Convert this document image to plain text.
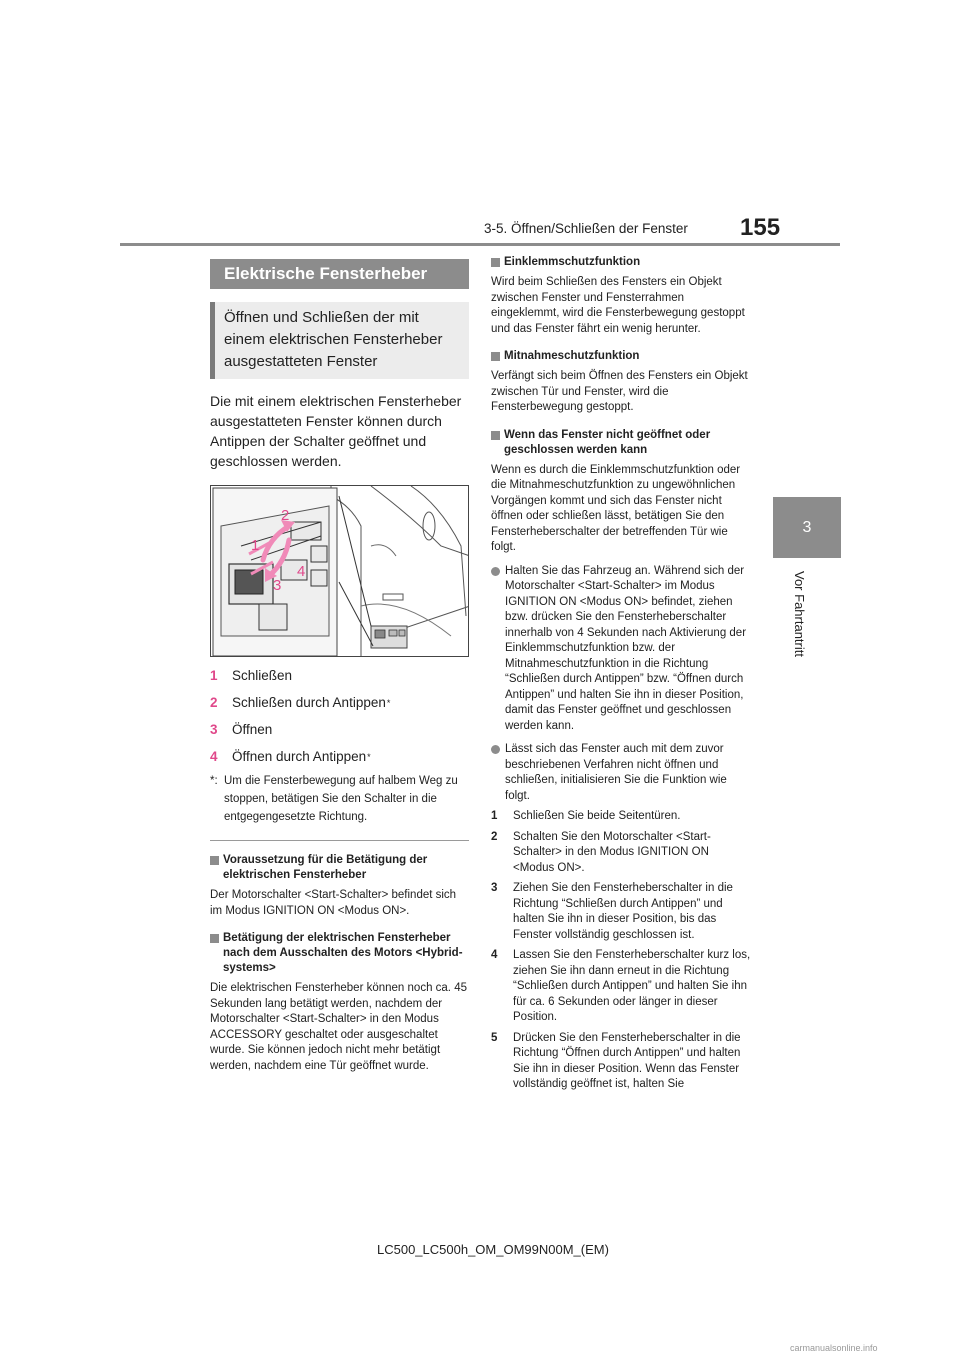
155
3-5. Öffnen/Schließen der Fenster
3
Vor Fahrtantritt
Elektrische Fensterheber
Öffnen und Schließen der mit einem elektrischen Fensterheber ausgestatteten Fenster
Die mit einem elektrischen Fensterheber ausgestatteten Fenster können durch Antippen der Schalter geöffnet und geschlossen werden.
1
2
3
4
1	Schließen
2	Schließen durch Antippen *
3	Öffnen
4	Öffnen durch Antippen *
*: Um die Fensterbewegung auf halbem Weg zu stoppen, betätigen Sie den Schalter in die entgegengesetzte Richtung.
Voraussetzung für die Betätigung der elektrischen Fensterheber
Der Motorschalter <Start-Schalter> befindet sich im Modus IGNITION ON <Modus ON>.
Betätigung der elektrischen Fensterheber nach dem Ausschalten des Motors <Hybrid-systems>
Die elektrischen Fensterheber können noch ca. 45 Sekunden lang betätigt werden, nachdem der Motorschalter <Start-Schalter> in den Modus ACCESSORY geschaltet oder ausgeschaltet wurde. Sie können jedoch nicht mehr betätigt werden, nachdem eine Tür geöffnet wurde.
Einklemmschutzfunktion
Wird beim Schließen des Fensters ein Objekt zwischen Fenster und Fensterrahmen eingeklemmt, wird die Fensterbewegung gestoppt und das Fenster fährt ein wenig herunter.
Mitnahmeschutzfunktion
Verfängt sich beim Öffnen des Fensters ein Objekt zwischen Tür und Fenster, wird die Fensterbewegung gestoppt.
Wenn das Fenster nicht geöffnet oder geschlossen werden kann
Wenn es durch die Einklemmschutzfunktion oder die Mitnahmeschutzfunktion zu ungewöhnlichen Vorgängen kommt und sich das Fenster nicht öffnen oder schließen lässt, betätigen Sie den Fensterheberschalter der betreffenden Tür wie folgt.
Halten Sie das Fahrzeug an. Während sich der Motorschalter <Start-Schalter> im Modus IGNITION ON <Modus ON> befindet, ziehen bzw. drücken Sie den Fensterheberschalter innerhalb von 4 Sekunden nach Aktivierung der Einklemmschutzfunktion bzw. der Mitnahmeschutzfunktion in die Richtung “Schließen durch Antippen” bzw. “Öffnen durch Antippen” und halten Sie ihn in dieser Position, damit das Fenster geöffnet und geschlossen werden kann.
Lässt sich das Fenster auch mit dem zuvor beschriebenen Verfahren nicht öffnen und schließen, initialisieren Sie die Funktion wie folgt.
1	Schließen Sie beide Seitentüren.
2	Schalten Sie den Motorschalter <Start-Schalter> in den Modus IGNITION ON <Modus ON>.
3	Ziehen Sie den Fensterheberschalter in die Richtung “Schließen durch Antippen” und halten Sie ihn in dieser Position, bis das Fenster vollständig geschlossen ist.
4	Lassen Sie den Fensterheberschalter kurz los, ziehen Sie ihn dann erneut in die Richtung “Schließen durch Antippen” und halten Sie ihn für ca. 6 Sekunden oder länger in dieser Position.
5	Drücken Sie den Fensterheberschalter in die Richtung “Öffnen durch Antippen” und halten Sie ihn in dieser Position. Wenn das Fenster vollständig geöffnet ist, halten Sie
LC500_LC500h_OM_OM99N00M_(EM)
carmanualsonline.info
